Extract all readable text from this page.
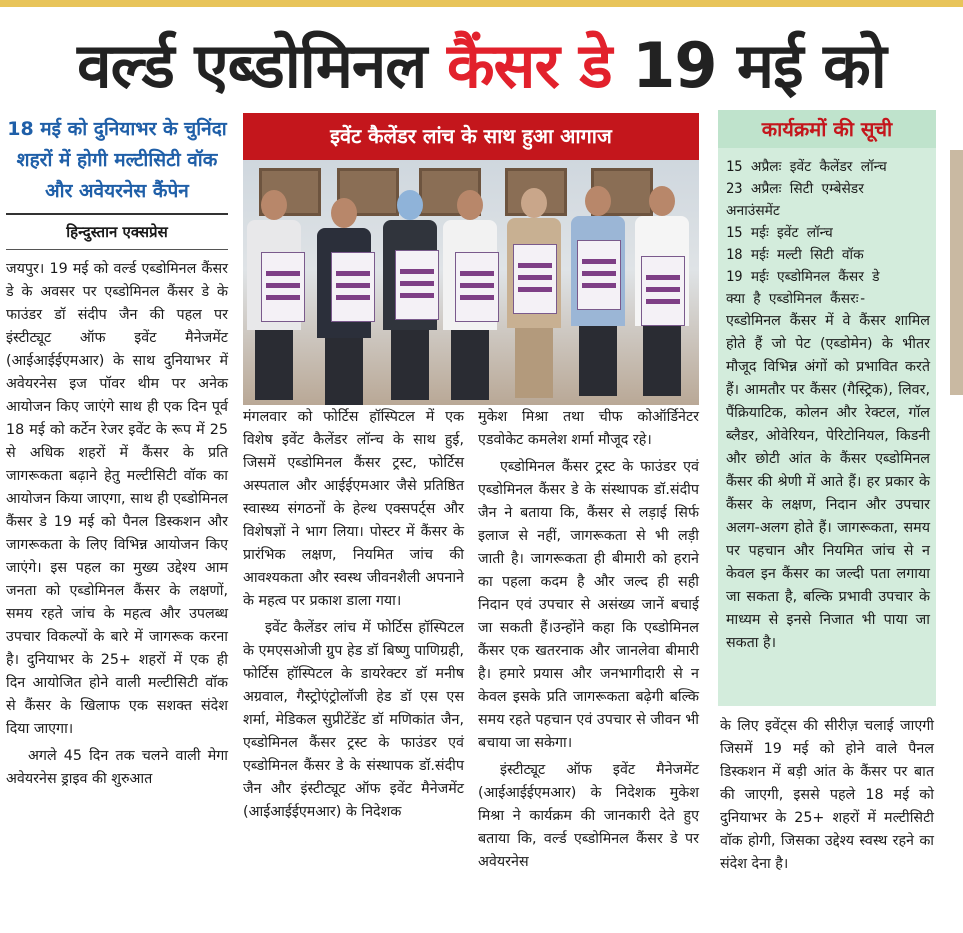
वर्ल्ड एब्डोमिनल कैंसर डे 19 मई को

18 मई को दुनियाभर के चुनिंदा शहरों में होगी मल्टीसिटी वॉक और अवेयरनेस कैंपेन

हिन्दुस्तान एक्सप्रेस

जयपुर। 19 मई को वर्ल्ड एब्डोमिनल कैंसर डे के अवसर पर एब्डोमिनल कैंसर डे के फाउंडर डॉ संदीप जैन की पहल पर इंस्टीट्यूट ऑफ इवेंट मैनेजमेंट (आईआईईएमआर) के साथ दुनियाभर में अवेयरनेस इज पॉवर थीम पर अनेक आयोजन किए जाएंगे साथ ही एक दिन पूर्व 18 मई को कर्टेन रेजर इवेंट के रूप में 25 से अधिक शहरों में कैंसर के प्रति जागरूकता बढ़ाने हेतु मल्टीसिटी वॉक का आयोजन किया जाएगा, साथ ही एब्डोमिनल कैंसर डे 19 मई को पैनल डिस्कशन और जागरूकता के लिए विभिन्न आयोजन किए जाएंगे। इस पहल का मुख्य उद्देश्य आम जनता को एब्डोमिनल कैंसर के लक्षणों, समय रहते जांच के महत्व और उपलब्ध उपचार विकल्पों के बारे में जागरूक करना है। दुनियाभर के 25+ शहरों में एक ही दिन आयोजित होने वाली मल्टीसिटी वॉक से कैंसर के खिलाफ एक सशक्त संदेश दिया जाएगा।

अगले 45 दिन तक चलने वाली मेगा अवेयरनेस ड्राइव की शुरुआत

इवेंट कैलेंडर लांच के साथ हुआ आगाज

मंगलवार को फोर्टिस हॉस्पिटल में एक विशेष इवेंट कैलेंडर लॉन्च के साथ हुई, जिसमें एब्डोमिनल कैंसर ट्रस्ट, फोर्टिस अस्पताल और आईईएमआर जैसे प्रतिष्ठित स्वास्थ्य संगठनों के हेल्थ एक्सपर्ट्स और विशेषज्ञों ने भाग लिया। पोस्टर में कैंसर के प्रारंभिक लक्षण, नियमित जांच की आवश्यकता और स्वस्थ जीवनशैली अपनाने के महत्व पर प्रकाश डाला गया।

इवेंट कैलेंडर लांच में फोर्टिस हॉस्पिटल के एमएसओजी ग्रुप हेड डॉ बिष्णु पाणिग्रही, फोर्टिस हॉस्पिटल के डायरेक्टर डॉ मनीष अग्रवाल, गैस्ट्रोएंट्रोलॉजी हेड डॉ एस एस शर्मा, मेडिकल सुप्रीटेंडेंट डॉ मणिकांत जैन, एब्डोमिनल कैंसर ट्रस्ट के फाउंडर एवं एब्डोमिनल कैंसर डे के संस्थापक डॉ.संदीप जैन और इंस्टीट्यूट ऑफ इवेंट मैनेजमेंट (आईआईईएमआर) के निदेशक

मुकेश मिश्रा तथा चीफ कोऑर्डिनेटर एडवोकेट कमलेश शर्मा मौजूद रहे।

एब्डोमिनल कैंसर ट्रस्ट के फाउंडर एवं एब्डोमिनल कैंसर डे के संस्थापक डॉ.संदीप जैन ने बताया कि, कैंसर से लड़ाई सिर्फ इलाज से नहीं, जागरूकता से भी लड़ी जाती है। जागरूकता ही बीमारी को हराने का पहला कदम है और जल्द ही सही निदान एवं उपचार से असंख्य जानें बचाई जा सकती हैं।उन्होंने कहा कि एब्डोमिनल कैंसर एक खतरनाक और जानलेवा बीमारी है। हमारे प्रयास और जनभागीदारी से न केवल इसके प्रति जागरूकता बढ़ेगी बल्कि समय रहते पहचान एवं उपचार से जीवन भी बचाया जा सकेगा।

इंस्टीट्यूट ऑफ इवेंट मैनेजमेंट (आईआईईएमआर) के निदेशक मुकेश मिश्रा ने कार्यक्रम की जानकारी देते हुए बताया कि, वर्ल्ड एब्डोमिनल कैंसर डे पर अवेयरनेस

कार्यक्रमों की सूची
15 अप्रैलः इवेंट कैलेंडर लॉन्च
23 अप्रैलः सिटी एम्बेसेडर
अनाउंसमेंट
15 मईः इवेंट लॉन्च
18 मईः मल्टी सिटी वॉक
19 मईः एब्डोमिनल कैंसर डे
क्या है एब्डोमिनल कैंसरः-

एब्डोमिनल कैंसर में वे कैंसर शामिल होते हैं जो पेट (एब्डोमेन) के भीतर मौजूद विभिन्न अंगों को प्रभावित करते हैं। आमतौर पर कैंसर (गैस्ट्रिक), लिवर, पैंक्रियाटिक, कोलन और रेक्टल, गॉल ब्लैडर, ओवेरियन, पेरिटोनियल, किडनी और छोटी आंत के कैंसर एब्डोमिनल कैंसर की श्रेणी में आते हैं। हर प्रकार के कैंसर के लक्षण, निदान और उपचार अलग-अलग होते हैं। जागरूकता, समय पर पहचान और नियमित जांच से न केवल इन कैंसर का जल्दी पता लगाया जा सकता है, बल्कि प्रभावी उपचार के माध्यम से इनसे निजात भी पाया जा सकता है।

के लिए इवेंट्स की सीरीज़ चलाई जाएगी जिसमें 19 मई को होने वाले पैनल डिस्कशन में बड़ी आंत के कैंसर पर बात की जाएगी, इससे पहले 18 मई को दुनियाभर के 25+ शहरों में मल्टीसिटी वॉक होगी, जिसका उद्देश्य स्वस्थ रहने का संदेश देना है।
